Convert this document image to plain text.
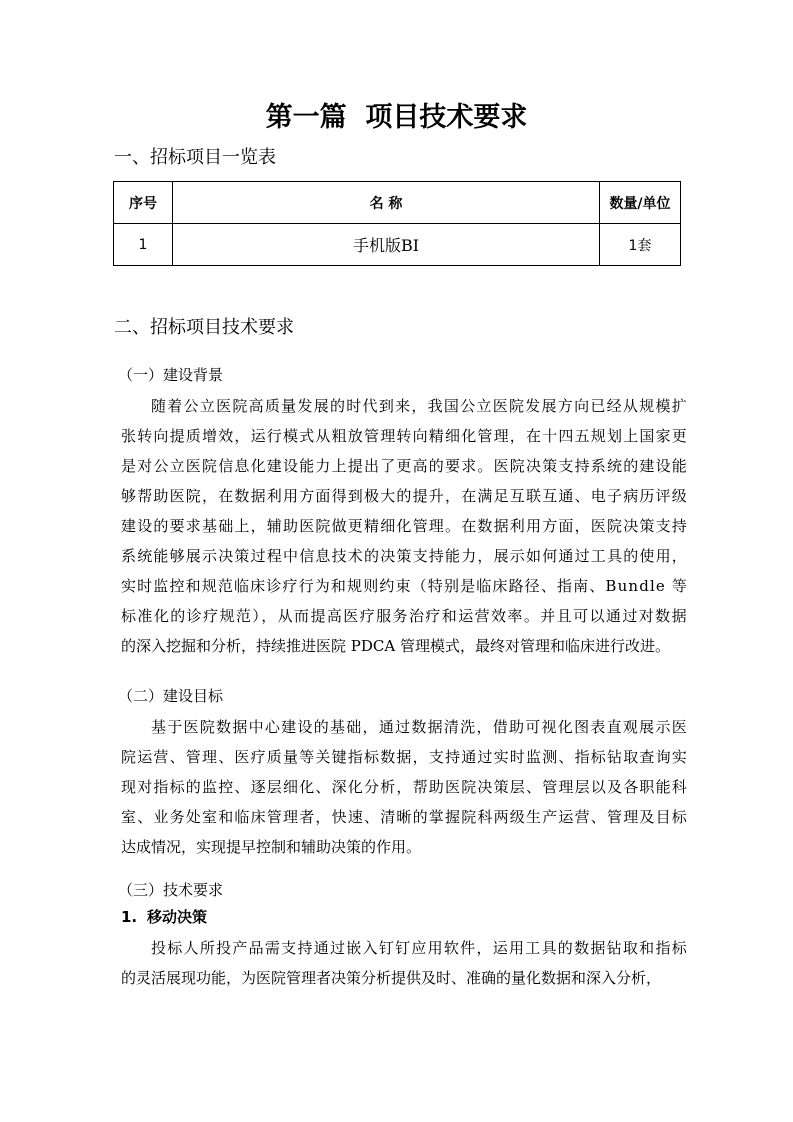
第一篇  项目技术要求
一、招标项目一览表
序号	名 称	数量/单位
1	手机版BI	1套
二、招标项目技术要求
（一）建设背景
随着公立医院高质量发展的时代到来，我国公立医院发展方向已经从规模扩
张转向提质增效，运行模式从粗放管理转向精细化管理，在十四五规划上国家更
是对公立医院信息化建设能力上提出了更高的要求。医院决策支持系统的建设能
够帮助医院，在数据利用方面得到极大的提升，在满足互联互通、电子病历评级
建设的要求基础上，辅助医院做更精细化管理。在数据利用方面，医院决策支持
系统能够展示决策过程中信息技术的决策支持能力，展示如何通过工具的使用，
实时监控和规范临床诊疗行为和规则约束（特别是临床路径、指南、Bundle 等
标准化的诊疗规范），从而提高医疗服务治疗和运营效率。并且可以通过对数据
的深入挖掘和分析，持续推进医院 PDCA 管理模式，最终对管理和临床进行改进。
（二）建设目标
基于医院数据中心建设的基础，通过数据清洗，借助可视化图表直观展示医
院运营、管理、医疗质量等关键指标数据，支持通过实时监测、指标钻取查询实
现对指标的监控、逐层细化、深化分析，帮助医院决策层、管理层以及各职能科
室、业务处室和临床管理者，快速、清晰的掌握院科两级生产运营、管理及目标
达成情况，实现提早控制和辅助决策的作用。
（三）技术要求
1. 移动决策
投标人所投产品需支持通过嵌入钉钉应用软件，运用工具的数据钻取和指标
的灵活展现功能，为医院管理者决策分析提供及时、准确的量化数据和深入分析，
